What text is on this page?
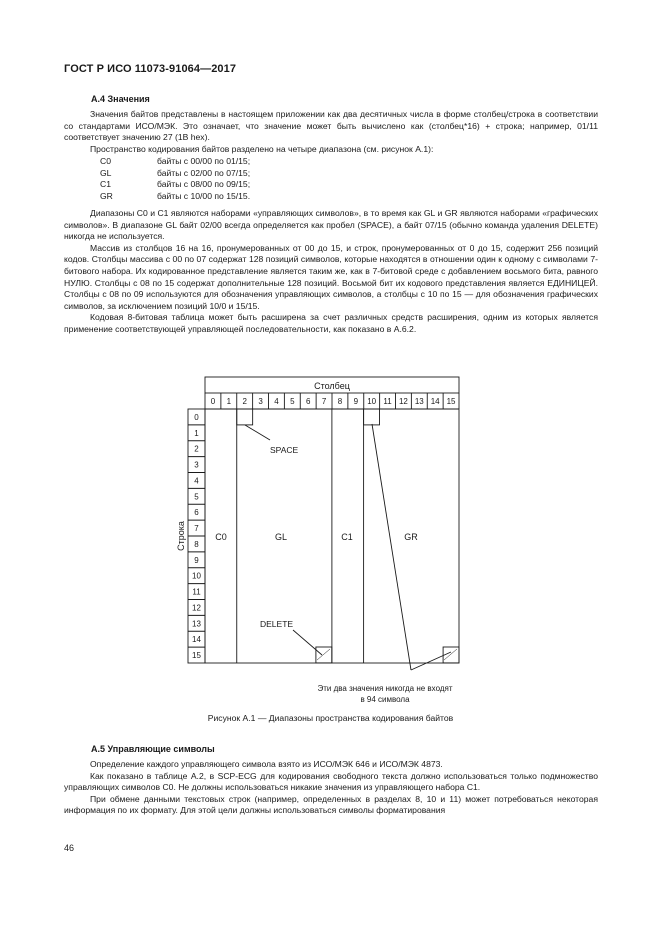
ГОСТ Р ИСО 11073-91064—2017
А.4 Значения

Значения байтов представлены в настоящем приложении как два десятичных числа в форме столбец/строка в соответствии со стандартами ИСО/МЭК. Это означает, что значение может быть вычислено как (столбец*16) + строка; например, 01/11 соответствует значению 27 (1В hex).

Пространство кодирования байтов разделено на четыре диапазона (см. рисунок А.1):

C0	байты с 00/00 по 01/15;
GL	байты с 02/00 по 07/15;
C1	байты с 08/00 по 09/15;
GR	байты с 10/00 по 15/15.

Диапазоны С0 и С1 являются наборами «управляющих символов», в то время как GL и GR являются наборами «графических символов». В диапазоне GL байт 02/00 всегда определяется как пробел (SPACE), а байт 07/15 (обычно команда удаления DELETE) никогда не используется.

Массив из столбцов 16 на 16, пронумерованных от 00 до 15, и строк, пронумерованных от 0 до 15, содержит 256 позиций кодов. Столбцы массива с 00 по 07 содержат 128 позиций символов, которые находятся в отношении один к одному с символами 7-битового набора. Их кодированное представление является таким же, как в 7-битовой среде с добавлением восьмого бита, равного НУЛЮ. Столбцы с 08 по 15 содержат дополнительные 128 позиций. Восьмой бит их кодового представления является ЕДИНИЦЕЙ. Столбцы с 08 по 09 используются для обозначения управляющих символов, а столбцы с 10 по 15 — для обозначения графических символов, за исключением позиций 10/0 и 15/15.

Кодовая 8-битовая таблица может быть расширена за счет различных средств расширения, одним из которых является применение соответствующей управляющей последовательности, как показано в А.6.2.

Столбец
Строка
0 1 2 3 4 5 6 7 8 9 10 11 12 13 14 15
0
1
2
3
4
5
6
7
8
9
10
11
12
13
14
15
C0	GL	C1	GR
SPACE
DELETE
Эти два значения никогда не входят
в 94 символа
Рисунок А.1 — Диапазоны пространства кодирования байтов
А.5 Управляющие символы

Определение каждого управляющего символа взято из ИСО/МЭК 646 и ИСО/МЭК 4873.

Как показано в таблице А.2, в SCP-ECG для кодирования свободного текста должно использоваться только подмножество управляющих символов С0. Не должны использоваться никакие значения из управляющего набора С1.

При обмене данными текстовых строк (например, определенных в разделах 8, 10 и 11) может потребоваться некоторая информация по их формату. Для этой цели должны использоваться символы форматирования

46
